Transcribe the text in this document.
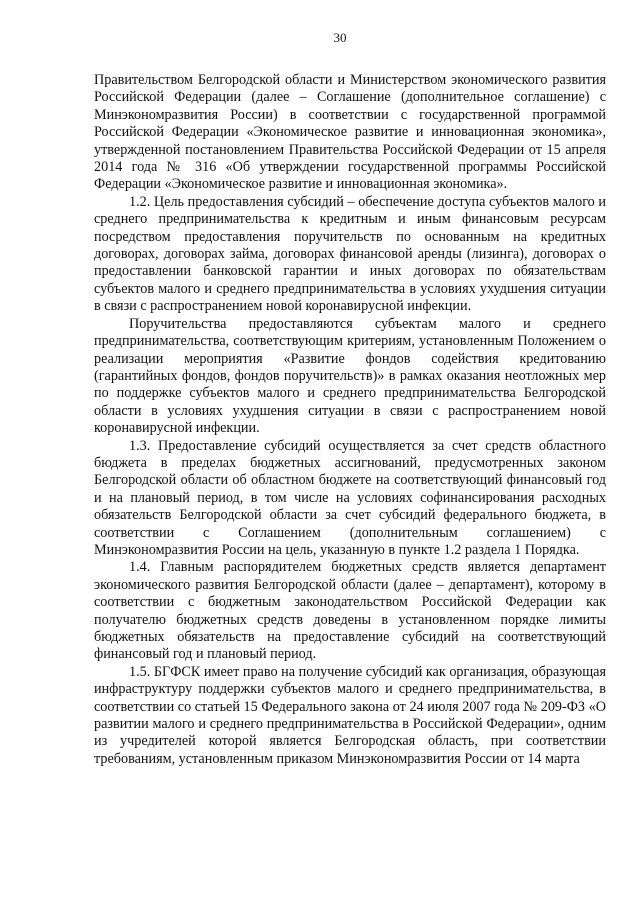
30

Правительством Белгородской области и Министерством экономического развития Российской Федерации (далее – Соглашение (дополнительное соглашение) с Минэкономразвития России) в соответствии с государственной программой Российской Федерации «Экономическое развитие и инновационная экономика», утвержденной постановлением Правительства Российской Федерации от 15 апреля 2014 года № 316 «Об утверждении государственной программы Российской Федерации «Экономическое развитие и инновационная экономика».

1.2. Цель предоставления субсидий – обеспечение доступа субъектов малого и среднего предпринимательства к кредитным и иным финансовым ресурсам посредством предоставления поручительств по основанным на кредитных договорах, договорах займа, договорах финансовой аренды (лизинга), договорах о предоставлении банковской гарантии и иных договорах по обязательствам субъектов малого и среднего предпринимательства в условиях ухудшения ситуации в связи с распространением новой коронавирусной инфекции.

Поручительства предоставляются субъектам малого и среднего предпринимательства, соответствующим критериям, установленным Положением о реализации мероприятия «Развитие фондов содействия кредитованию (гарантийных фондов, фондов поручительств)» в рамках оказания неотложных мер по поддержке субъектов малого и среднего предпринимательства Белгородской области в условиях ухудшения ситуации в связи с распространением новой коронавирусной инфекции.

1.3. Предоставление субсидий осуществляется за счет средств областного бюджета в пределах бюджетных ассигнований, предусмотренных законом Белгородской области об областном бюджете на соответствующий финансовый год и на плановый период, в том числе на условиях софинансирования расходных обязательств Белгородской области за счет субсидий федерального бюджета, в соответствии с Соглашением (дополнительным соглашением) с Минэкономразвития России на цель, указанную в пункте 1.2 раздела 1 Порядка.

1.4. Главным распорядителем бюджетных средств является департамент экономического развития Белгородской области (далее – департамент), которому в соответствии с бюджетным законодательством Российской Федерации как получателю бюджетных средств доведены в установленном порядке лимиты бюджетных обязательств на предоставление субсидий на соответствующий финансовый год и плановый период.

1.5. БГФСК имеет право на получение субсидий как организация, образующая инфраструктуру поддержки субъектов малого и среднего предпринимательства, в соответствии со статьей 15 Федерального закона от 24 июля 2007 года № 209-ФЗ «О развитии малого и среднего предпринимательства в Российской Федерации», одним из учредителей которой является Белгородская область, при соответствии требованиям, установленным приказом Минэкономразвития России от 14 марта
